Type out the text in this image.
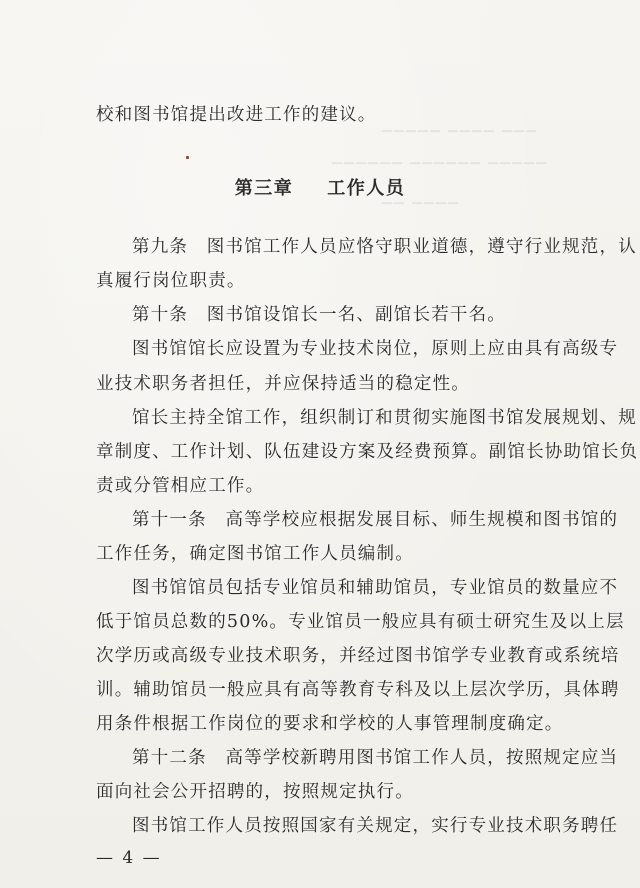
▁▁▁ ▁▁▁▁ ▁▁▁▁▁
▁▁▁▁▁ ▁▁▁▁▁▁ ▁▁▁▁▁▁
▁▁▁▁ ▁▁
校和图书馆提出改进工作的建议。
第三章 工作人员
第九条　图书馆工作人员应恪守职业道德，遵守行业规范，认
真履行岗位职责。
第十条　图书馆设馆长一名、副馆长若干名。
图书馆馆长应设置为专业技术岗位，原则上应由具有高级专
业技术职务者担任，并应保持适当的稳定性。
馆长主持全馆工作，组织制订和贯彻实施图书馆发展规划、规
章制度、工作计划、队伍建设方案及经费预算。副馆长协助馆长负
责或分管相应工作。
第十一条　高等学校应根据发展目标、师生规模和图书馆的
工作任务，确定图书馆工作人员编制。
图书馆馆员包括专业馆员和辅助馆员，专业馆员的数量应不
低于馆员总数的50%。专业馆员一般应具有硕士研究生及以上层
次学历或高级专业技术职务，并经过图书馆学专业教育或系统培
训。辅助馆员一般应具有高等教育专科及以上层次学历，具体聘
用条件根据工作岗位的要求和学校的人事管理制度确定。
第十二条　高等学校新聘用图书馆工作人员，按照规定应当
面向社会公开招聘的，按照规定执行。
图书馆工作人员按照国家有关规定，实行专业技术职务聘任
— 4 —
